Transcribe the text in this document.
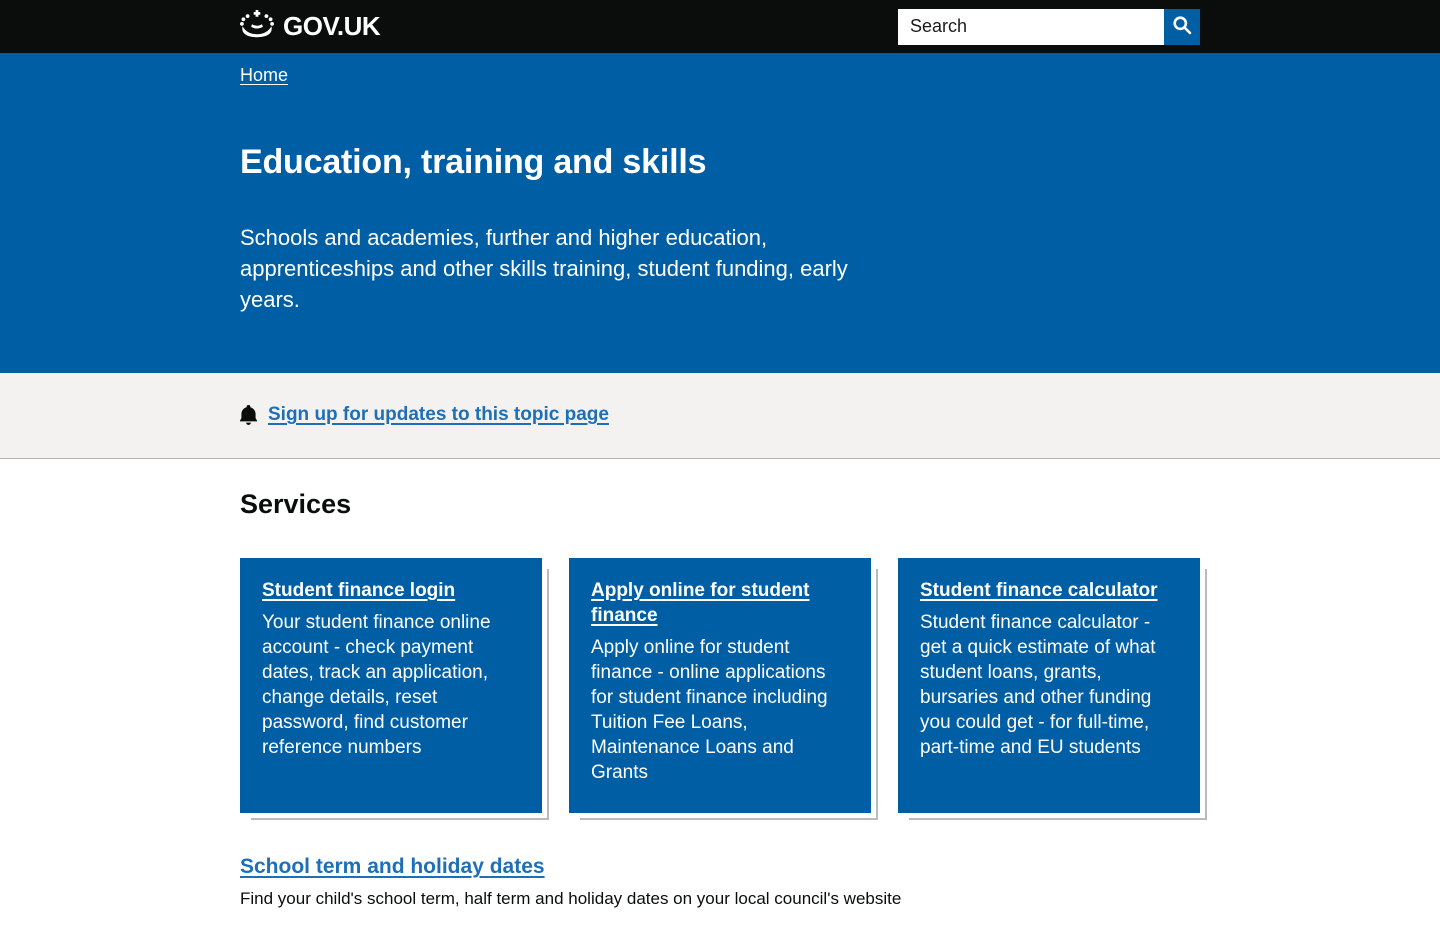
GOV.UK
Search
Home
Education, training and skills

Schools and academies, further and higher education, apprenticeships and other skills training, student funding, early years.

Sign up for updates to this topic page
Services
Student finance login

Your student finance online account - check payment dates, track an application, change details, reset password, find customer reference numbers

Apply online for student finance

Apply online for student finance - online applications for student finance including Tuition Fee Loans, Maintenance Loans and Grants

Student finance calculator

Student finance calculator - get a quick estimate of what student loans, grants, bursaries and other funding you could get - for full-time, part-time and EU students

School term and holiday dates

Find your child's school term, half term and holiday dates on your local council's website
